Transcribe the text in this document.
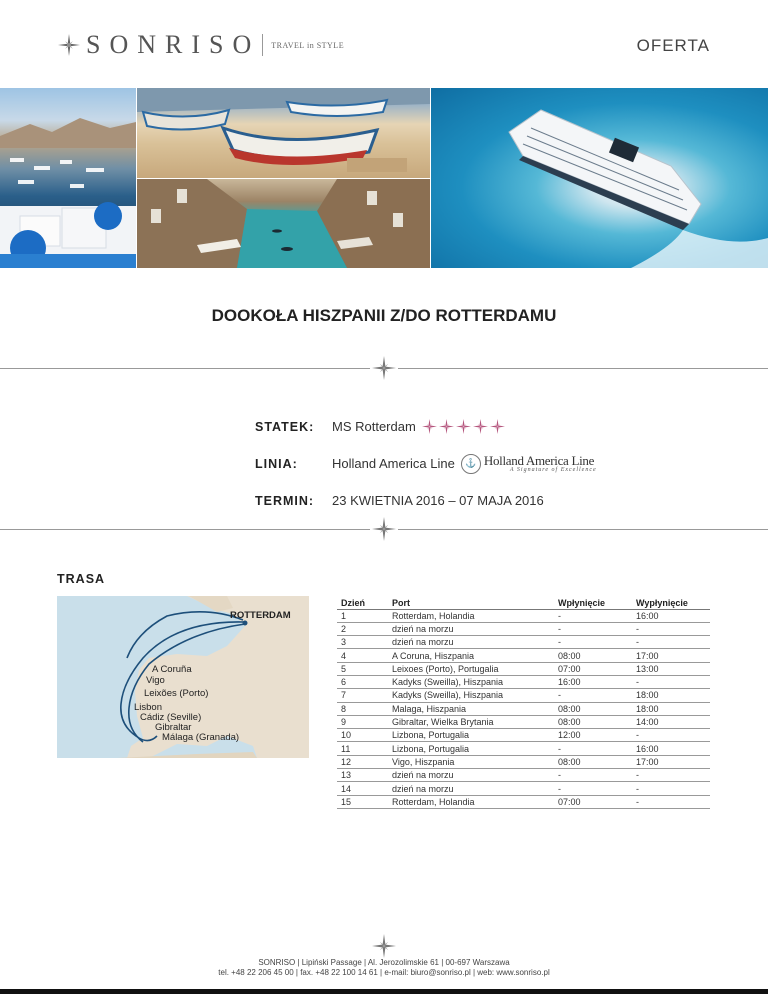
SONRISO TRAVEL in STYLE	OFERTA
DOOKOŁA HISZPANII Z/DO ROTTERDAMU
STATEK:	MS Rotterdam
LINIA:	Holland America Line	⚓ Holland America Line
A Signature of Excellence
TERMIN:	23 KWIETNIA 2016 – 07 MAJA 2016
TRASA
ROTTERDAM
A Coruña
Vigo
Leixões (Porto)
Lisbon
Cádiz (Seville)
Gibraltar
Málaga (Granada)
Dzień	Port	Wpłynięcie	Wypłynięcie
1	Rotterdam, Holandia	-	16:00
2	dzień na morzu	-	-
3	dzień na morzu	-	-
4	A Coruna, Hiszpania	08:00	17:00
5	Leixoes (Porto), Portugalia	07:00	13:00
6	Kadyks (Sweilla), Hiszpania	16:00	-
7	Kadyks (Sweilla), Hiszpania	-	18:00
8	Malaga, Hiszpania	08:00	18:00
9	Gibraltar, Wielka Brytania	08:00	14:00
10	Lizbona, Portugalia	12:00	-
11	Lizbona, Portugalia	-	16:00
12	Vigo, Hiszpania	08:00	17:00
13	dzień na morzu	-	-
14	dzień na morzu	-	-
15	Rotterdam, Holandia	07:00	-
SONRISO | Lipiński Passage | Al. Jerozolimskie 61 | 00-697 Warszawa
tel. +48 22 206 45 00 | fax. +48 22 100 14 61 | e-mail: biuro@sonriso.pl | web: www.sonriso.pl
